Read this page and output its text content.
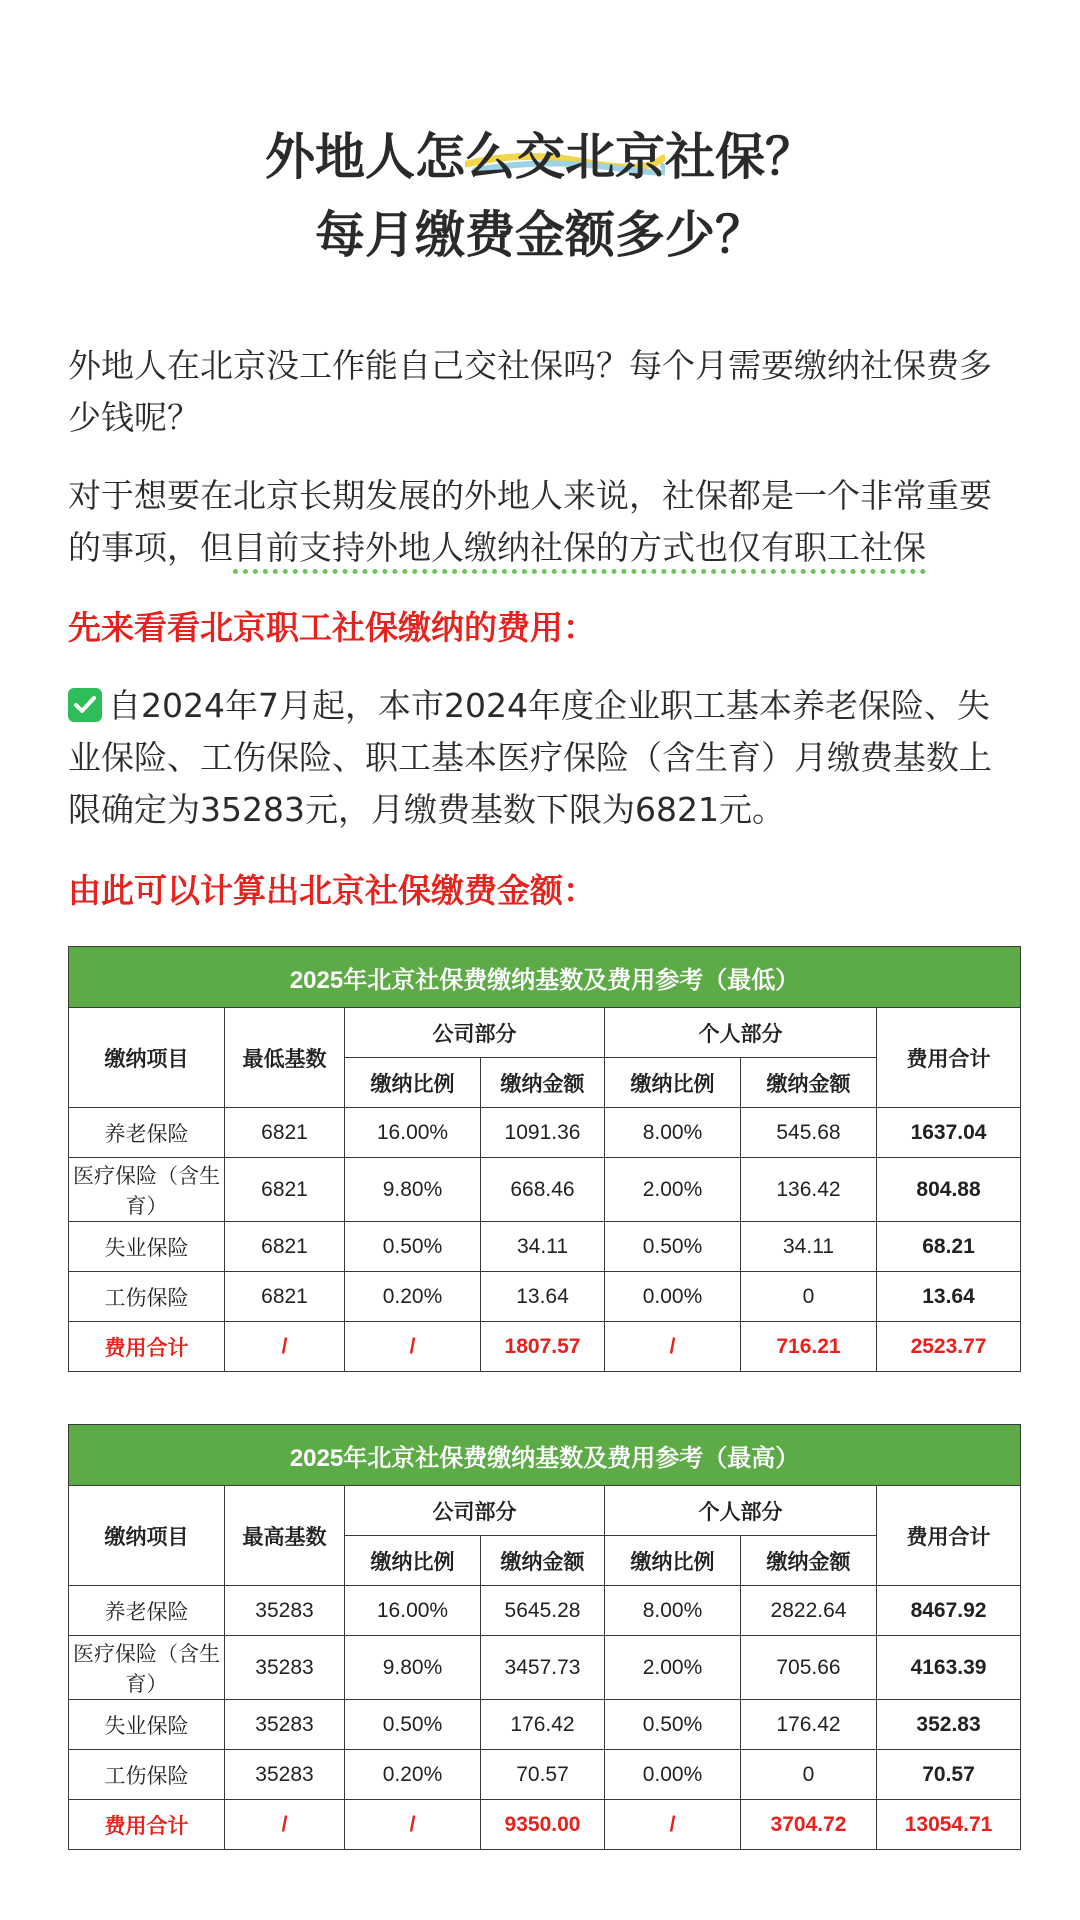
外地人怎么交北京社保？
每月缴费金额多少？
外地人在北京没工作能自己交社保吗？每个月需要缴纳社保费多少钱呢？
对于想要在北京长期发展的外地人来说，社保都是一个非常重要的事项，但目前支持外地人缴纳社保的方式也仅有职工社保
先来看看北京职工社保缴纳的费用：
自2024年7月起，本市2024年度企业职工基本养老保险、失业保险、工伤保险、职工基本医疗保险（含生育）月缴费基数上限确定为35283元，月缴费基数下限为6821元。
由此可以计算出北京社保缴费金额：
2025年北京社保费缴纳基数及费用参考（最低）						
缴纳项目	最低基数	公司部分		个人部分		费用合计
		缴纳比例	缴纳金额	缴纳比例	缴纳金额	
养老保险	6821	16.00%	1091.36	8.00%	545.68	1637.04
医疗保险（含生育）	6821	9.80%	668.46	2.00%	136.42	804.88
失业保险	6821	0.50%	34.11	0.50%	34.11	68.21
工伤保险	6821	0.20%	13.64	0.00%	0	13.64
费用合计	/	/	1807.57	/	716.21	2523.77
2025年北京社保费缴纳基数及费用参考（最高）						
缴纳项目	最高基数	公司部分		个人部分		费用合计
		缴纳比例	缴纳金额	缴纳比例	缴纳金额	
养老保险	35283	16.00%	5645.28	8.00%	2822.64	8467.92
医疗保险（含生育）	35283	9.80%	3457.73	2.00%	705.66	4163.39
失业保险	35283	0.50%	176.42	0.50%	176.42	352.83
工伤保险	35283	0.20%	70.57	0.00%	0	70.57
费用合计	/	/	9350.00	/	3704.72	13054.71
